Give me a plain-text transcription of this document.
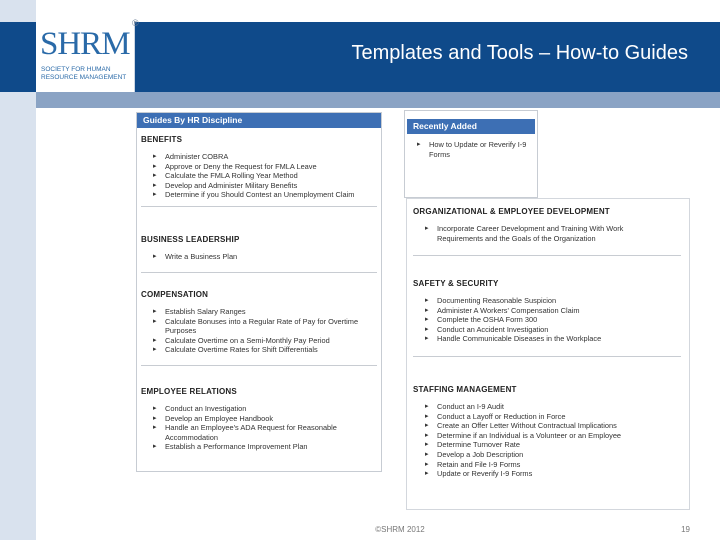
SHRM
SOCIETY FOR HUMAN RESOURCE MANAGEMENT
®
Templates and Tools – How-to Guides
Guides By HR Discipline
BENEFITS
▸ Administer COBRA
▸ Approve or Deny the Request for FMLA Leave
▸ Calculate the FMLA Rolling Year Method
▸ Develop and Administer Military Benefits
▸ Determine if you Should Contest an Unemployment Claim
BUSINESS LEADERSHIP
▸ Write a Business Plan
COMPENSATION
▸ Establish Salary Ranges
▸ Calculate Bonuses into a Regular Rate of Pay for Overtime Purposes
▸ Calculate Overtime on a Semi-Monthly Pay Period
▸ Calculate Overtime Rates for Shift Differentials
EMPLOYEE RELATIONS
▸ Conduct an Investigation
▸ Develop an Employee Handbook
▸ Handle an Employee's ADA Request for Reasonable Accommodation
▸ Establish a Performance Improvement Plan
Recently Added
▸ How to Update or Reverify I-9 Forms
ORGANIZATIONAL & EMPLOYEE DEVELOPMENT
▸ Incorporate Career Development and Training With Work Requirements and the Goals of the Organization
SAFETY & SECURITY
▸ Documenting Reasonable Suspicion
▸ Administer A Workers' Compensation Claim
▸ Complete the OSHA Form 300
▸ Conduct an Accident Investigation
▸ Handle Communicable Diseases in the Workplace
STAFFING MANAGEMENT
▸ Conduct an I-9 Audit
▸ Conduct a Layoff or Reduction in Force
▸ Create an Offer Letter Without Contractual Implications
▸ Determine if an Individual is a Volunteer or an Employee
▸ Determine Turnover Rate
▸ Develop a Job Description
▸ Retain and File I-9 Forms
▸ Update or Reverify I-9 Forms
©SHRM 2012	19
